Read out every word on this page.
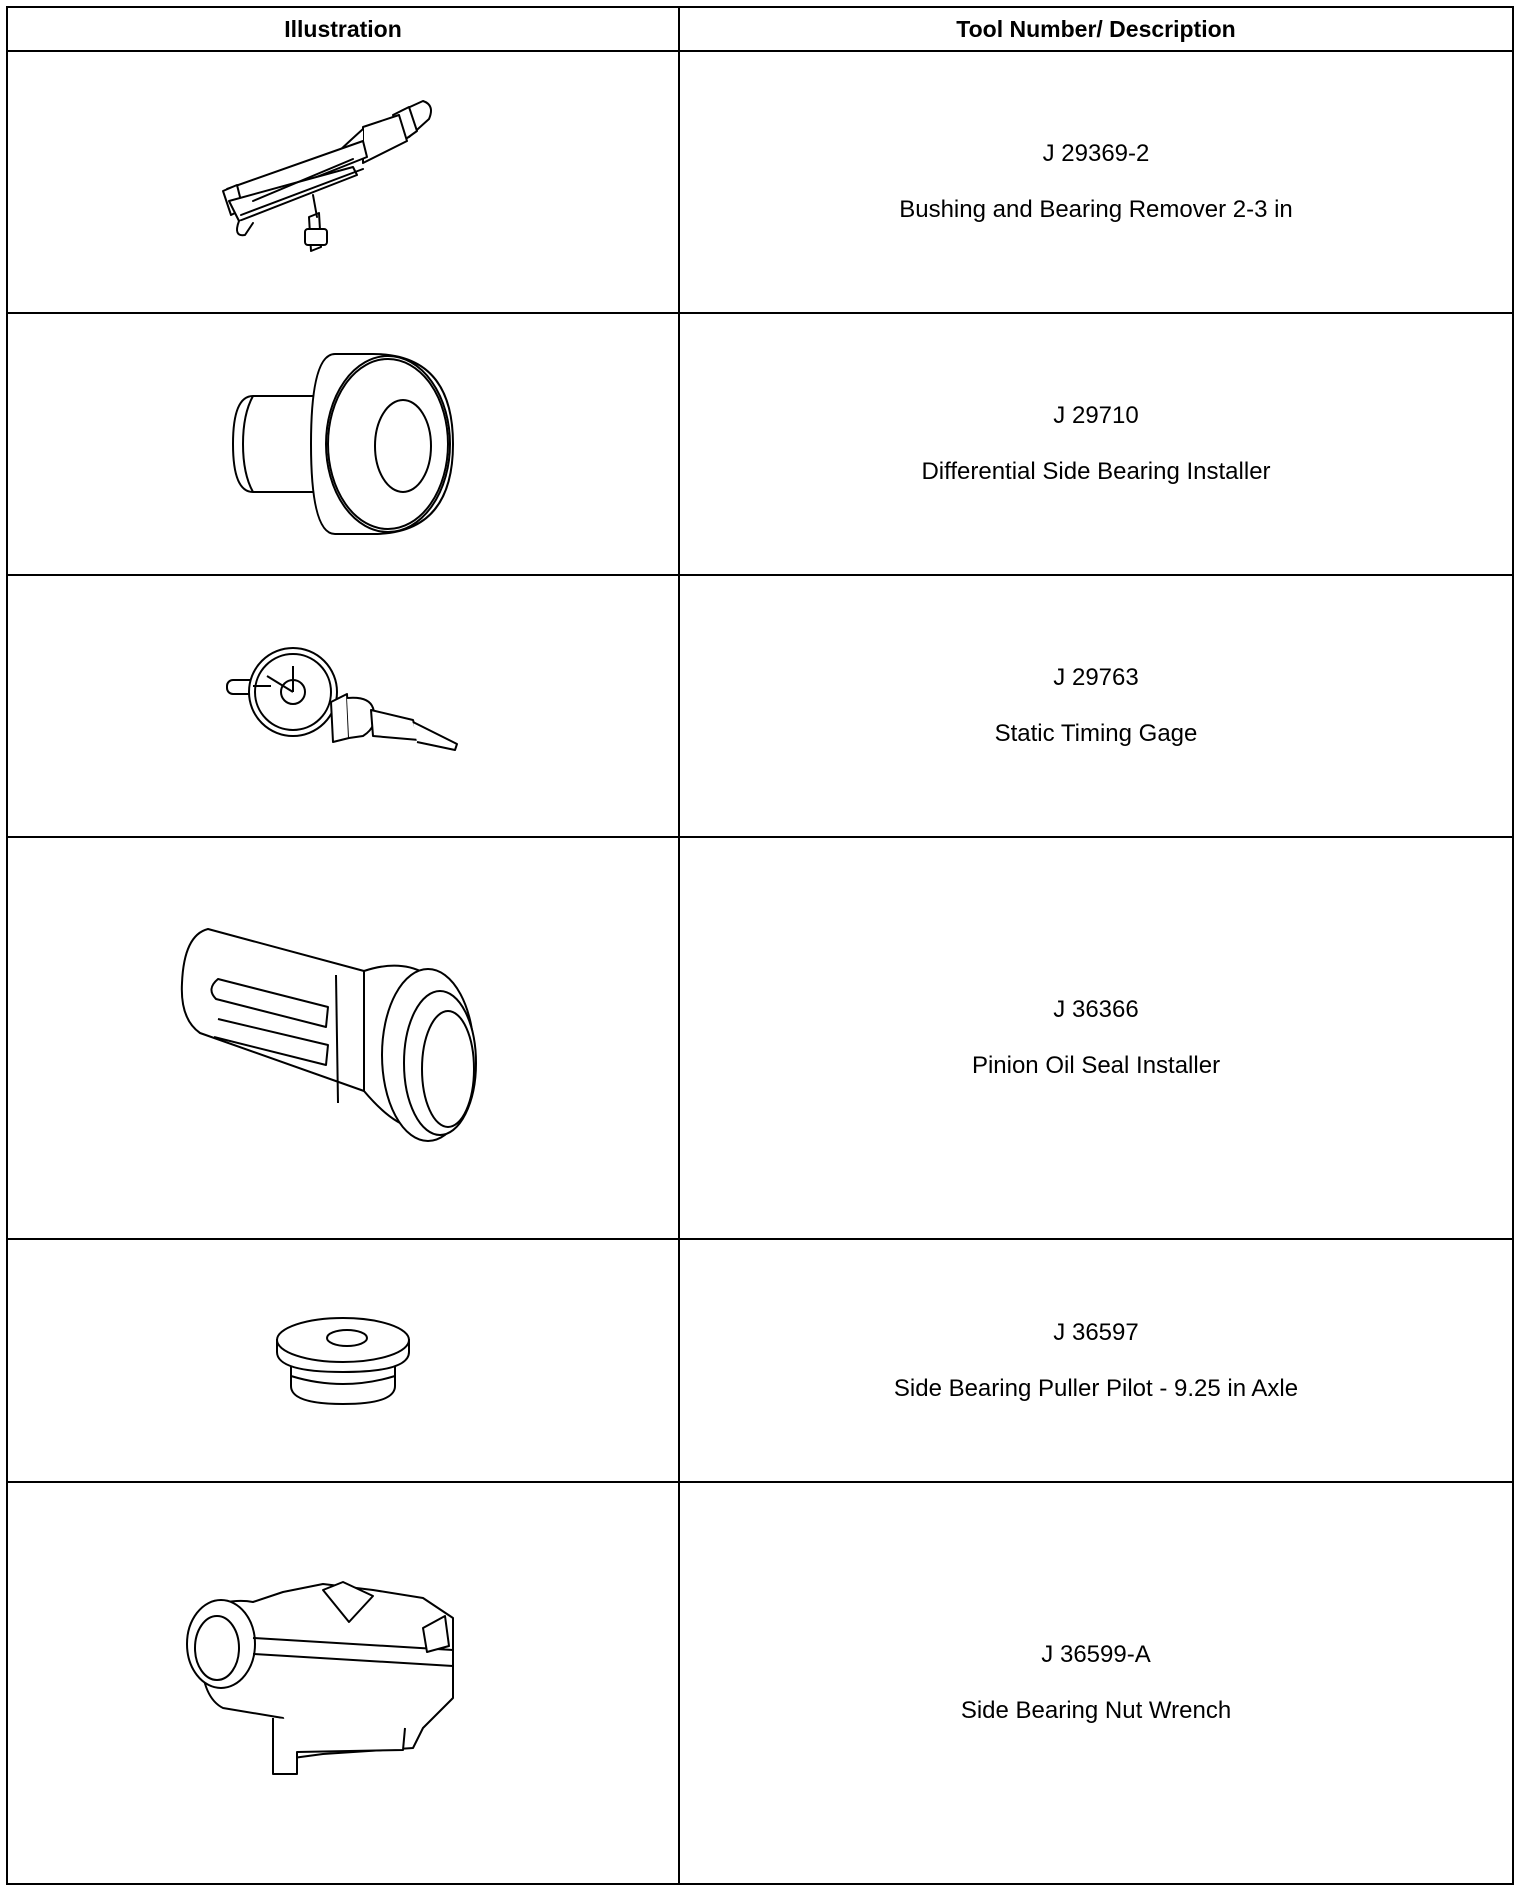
Illustration	Tool Number/ Description

J 29369-2
Bushing and Bearing Remover 2-3 in

J 29710
Differential Side Bearing Installer

J 29763
Static Timing Gage

J 36366
Pinion Oil Seal Installer

J 36597
Side Bearing Puller Pilot - 9.25 in Axle

J 36599-A
Side Bearing Nut Wrench
